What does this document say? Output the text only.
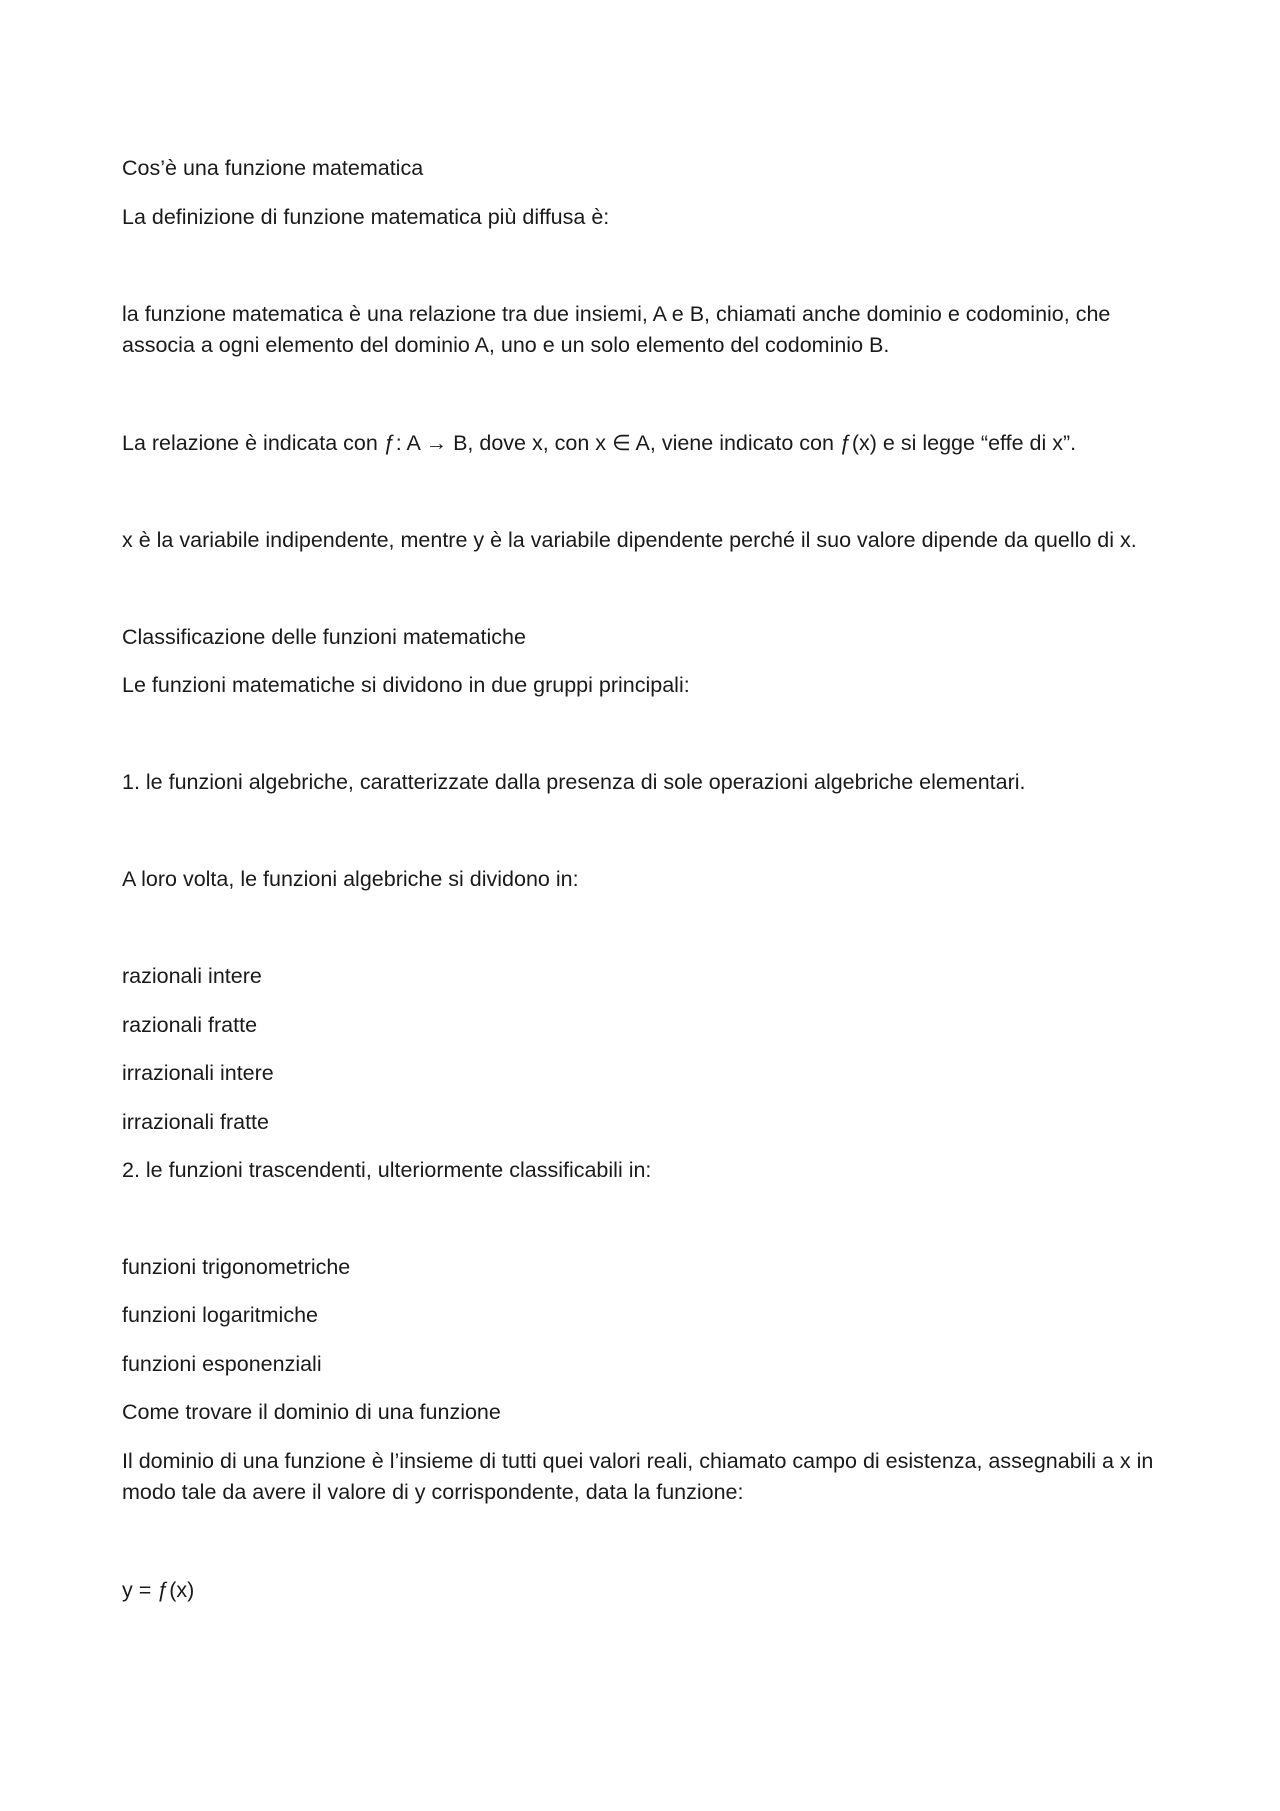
Cos’è una funzione matematica

La definizione di funzione matematica più diffusa è:

la funzione matematica è una relazione tra due insiemi, A e B, chiamati anche dominio e codominio, che associa a ogni elemento del dominio A, uno e un solo elemento del codominio B.

La relazione è indicata con ƒ: A → B, dove x, con x ∈ A, viene indicato con ƒ(x) e si legge “effe di x”.

x è la variabile indipendente, mentre y è la variabile dipendente perché il suo valore dipende da quello di x.

Classificazione delle funzioni matematiche

Le funzioni matematiche si dividono in due gruppi principali:

1. le funzioni algebriche, caratterizzate dalla presenza di sole operazioni algebriche elementari.

A loro volta, le funzioni algebriche si dividono in:

razionali intere

razionali fratte

irrazionali intere

irrazionali fratte

2. le funzioni trascendenti, ulteriormente classificabili in:

funzioni trigonometriche

funzioni logaritmiche

funzioni esponenziali

Come trovare il dominio di una funzione

Il dominio di una funzione è l’insieme di tutti quei valori reali, chiamato campo di esistenza, assegnabili a x in modo tale da avere il valore di y corrispondente, data la funzione:

y = ƒ(x)
